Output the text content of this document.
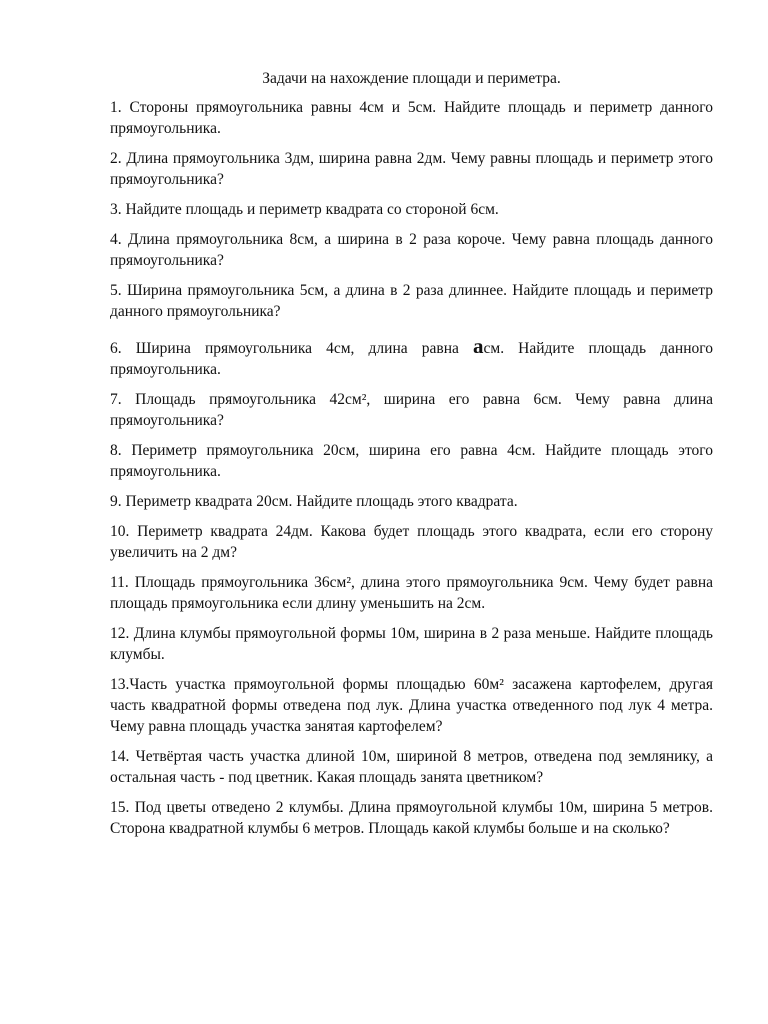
Задачи на нахождение площади и периметра.

1. Стороны прямоугольника равны 4см и 5см. Найдите площадь и периметр данного прямоугольника.

2. Длина прямоугольника 3дм, ширина равна 2дм. Чему равны площадь и периметр этого прямоугольника?

3. Найдите площадь и периметр квадрата со стороной 6см.

4. Длина прямоугольника 8см, а ширина в 2 раза короче. Чему равна площадь данного прямоугольника?

5. Ширина прямоугольника 5см, а длина в 2 раза длиннее. Найдите площадь и периметр данного прямоугольника?

6. Ширина прямоугольника 4см, длина равна aсм. Найдите площадь данного прямоугольника.

7. Площадь прямоугольника 42см², ширина его равна 6см. Чему равна длина прямоугольника?

8. Периметр прямоугольника 20см, ширина его равна 4см. Найдите площадь этого прямоугольника.

9. Периметр квадрата 20см. Найдите площадь этого квадрата.

10. Периметр квадрата 24дм. Какова будет площадь этого квадрата, если его сторону увеличить на 2 дм?

11. Площадь прямоугольника 36см², длина этого прямоугольника 9см. Чему будет равна площадь прямоугольника если длину уменьшить на 2см.

12. Длина клумбы прямоугольной формы 10м, ширина в 2 раза меньше. Найдите площадь клумбы.

13.Часть участка прямоугольной формы площадью 60м² засажена картофелем, другая часть квадратной формы отведена под лук. Длина участка отведенного под лук 4 метра. Чему равна площадь участка занятая картофелем?

14. Четвёртая часть участка длиной 10м, шириной 8 метров, отведена под землянику, а остальная часть - под цветник. Какая площадь занята цветником?

15. Под цветы отведено 2 клумбы. Длина прямоугольной клумбы 10м, ширина 5 метров. Сторона квадратной клумбы 6 метров. Площадь какой клумбы больше и на сколько?
